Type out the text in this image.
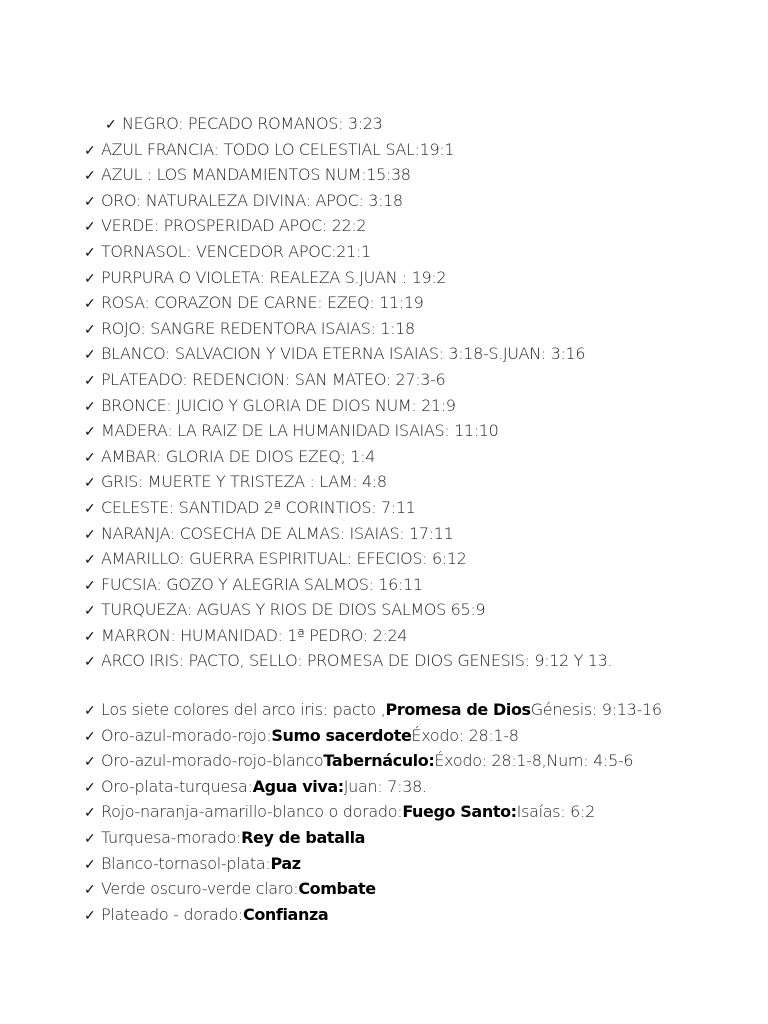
✓ NEGRO: PECADO ROMANOS: 3:23
✓ AZUL FRANCIA: TODO LO CELESTIAL SAL:19:1
✓ AZUL : LOS MANDAMIENTOS NUM:15:38
✓ ORO: NATURALEZA DIVINA: APOC: 3:18
✓ VERDE: PROSPERIDAD APOC: 22:2
✓ TORNASOL: VENCEDOR APOC:21:1
✓ PURPURA O VIOLETA: REALEZA S.JUAN : 19:2
✓ ROSA: CORAZON DE CARNE: EZEQ: 11:19
✓ ROJO: SANGRE REDENTORA ISAIAS: 1:18
✓ BLANCO: SALVACION Y VIDA ETERNA ISAIAS: 3:18-S.JUAN: 3:16
✓ PLATEADO: REDENCION: SAN MATEO: 27:3-6
✓ BRONCE: JUICIO Y GLORIA DE DIOS NUM: 21:9
✓ MADERA: LA RAIZ DE LA HUMANIDAD ISAIAS: 11:10
✓ AMBAR: GLORIA DE DIOS EZEQ; 1:4
✓ GRIS: MUERTE Y TRISTEZA : LAM: 4:8
✓ CELESTE: SANTIDAD 2ª CORINTIOS: 7:11
✓ NARANJA: COSECHA DE ALMAS: ISAIAS: 17:11
✓ AMARILLO: GUERRA ESPIRITUAL: EFECIOS: 6:12
✓ FUCSIA: GOZO Y ALEGRIA SALMOS: 16:11
✓ TURQUEZA: AGUAS Y RIOS DE DIOS SALMOS 65:9
✓ MARRON: HUMANIDAD: 1ª PEDRO: 2:24
✓ ARCO IRIS: PACTO, SELLO: PROMESA DE DIOS GENESIS: 9:12 Y 13.
✓ Los siete colores del arco iris: pacto , Promesa de Dios Génesis: 9:13-16
✓ Oro-azul-morado-rojo: Sumo sacerdote Éxodo: 28:1-8
✓ Oro-azul-morado-rojo-blanco Tabernáculo: Éxodo: 28:1-8,Num: 4:5-6
✓ Oro-plata-turquesa: Agua viva: Juan: 7:38.
✓ Rojo-naranja-amarillo-blanco o dorado: Fuego Santo: Isaías: 6:2
✓ Turquesa-morado: Rey de batalla
✓ Blanco-tornasol-plata: Paz
✓ Verde oscuro-verde claro: Combate
✓ Plateado - dorado: Confianza
